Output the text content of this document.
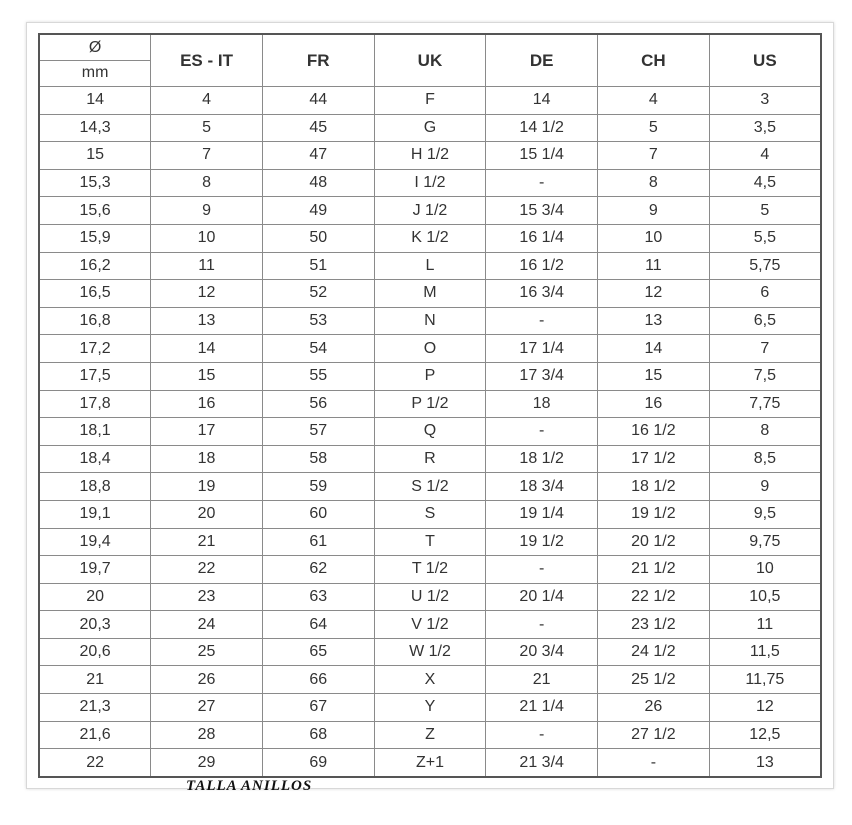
Ø
mm	ES - IT	FR	UK	DE	CH	US
14	4	44	F	14	4	3
14,3	5	45	G	14 1/2	5	3,5
15	7	47	H 1/2	15 1/4	7	4
15,3	8	48	I 1/2	-	8	4,5
15,6	9	49	J 1/2	15 3/4	9	5
15,9	10	50	K 1/2	16 1/4	10	5,5
16,2	11	51	L	16 1/2	11	5,75
16,5	12	52	M	16 3/4	12	6
16,8	13	53	N	-	13	6,5
17,2	14	54	O	17 1/4	14	7
17,5	15	55	P	17 3/4	15	7,5
17,8	16	56	P 1/2	18	16	7,75
18,1	17	57	Q	-	16 1/2	8
18,4	18	58	R	18 1/2	17 1/2	8,5
18,8	19	59	S 1/2	18 3/4	18 1/2	9
19,1	20	60	S	19 1/4	19 1/2	9,5
19,4	21	61	T	19 1/2	20 1/2	9,75
19,7	22	62	T 1/2	-	21 1/2	10
20	23	63	U 1/2	20 1/4	22 1/2	10,5
20,3	24	64	V 1/2	-	23 1/2	11
20,6	25	65	W 1/2	20 3/4	24 1/2	11,5
21	26	66	X	21	25 1/2	11,75
21,3	27	67	Y	21 1/4	26	12
21,6	28	68	Z	-	27 1/2	12,5
22	29	69	Z+1	21 3/4	-	13
TALLA ANILLOS
